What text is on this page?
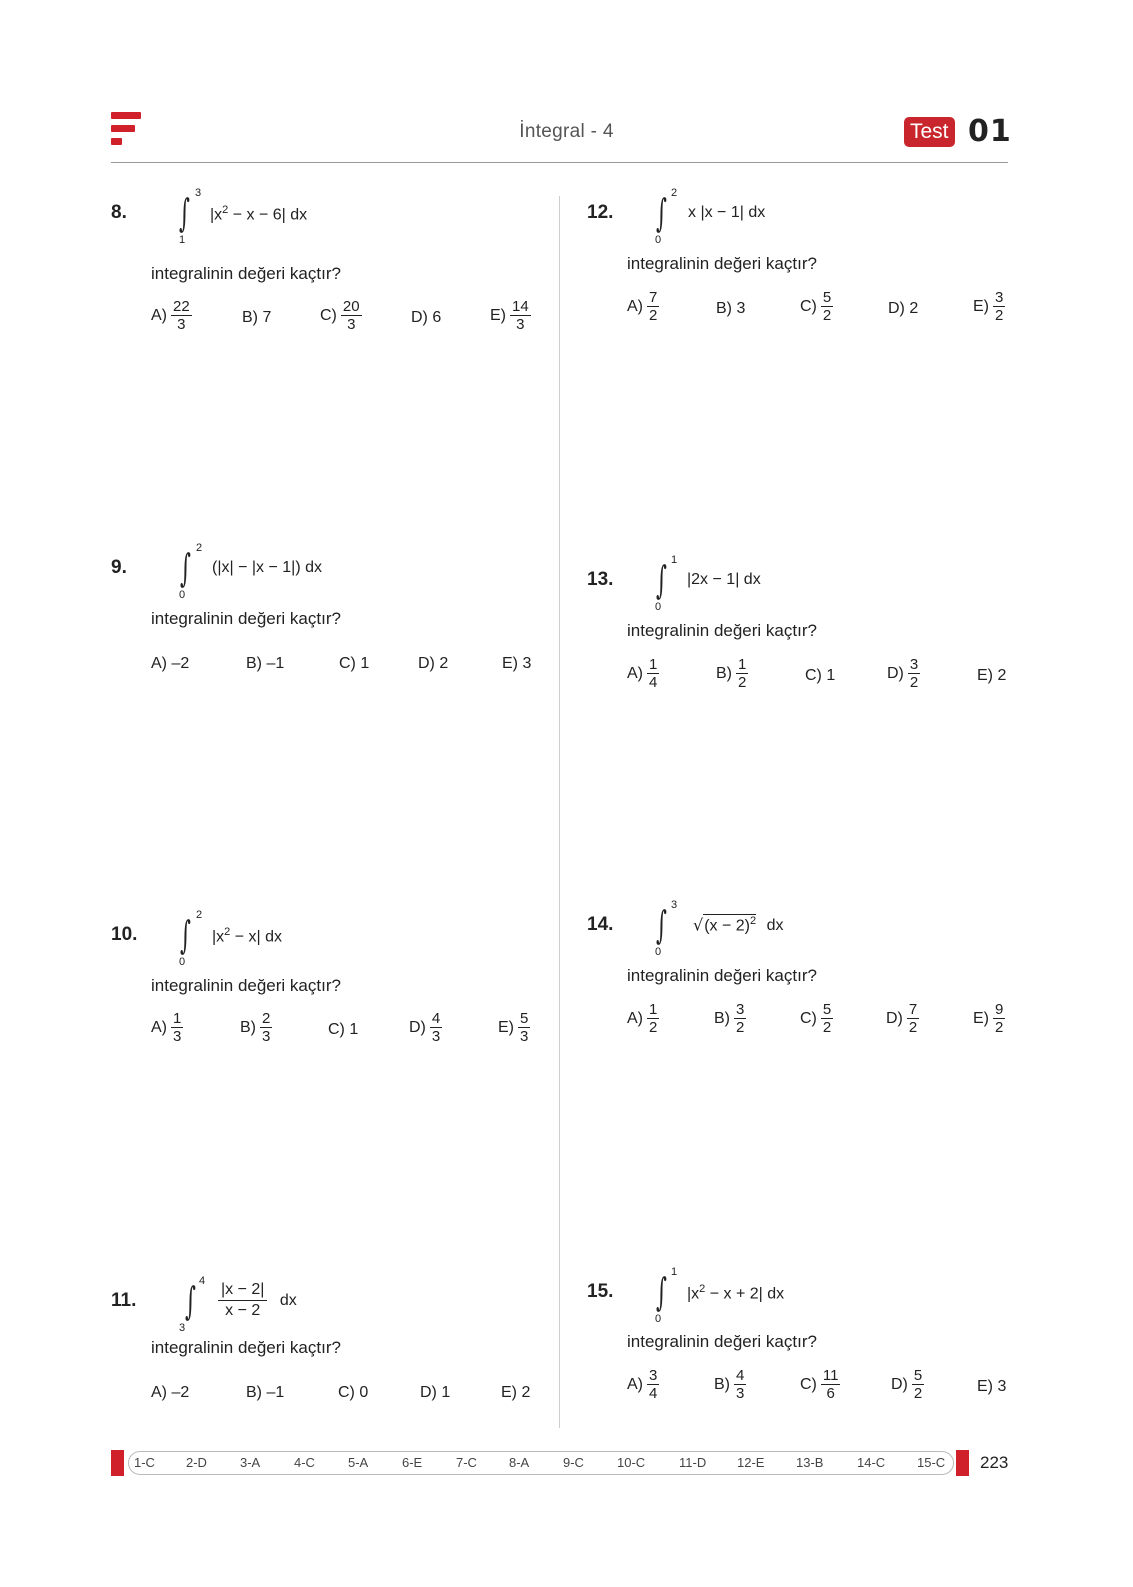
İntegral - 4	Test 01
8. ∫ 3
1
$|x^2 - x - 6|$ dx
integralinin değeri kaçtır?
$A) \frac{22}{3}$	B) 7	$C) \frac{20}{3}$	D) 6	$E) \frac{14}{3}$
9. ∫ 2
0
(|x| − |x − 1|) dx
integralinin değeri kaçtır?
A) –2	B) –1	C) 1	D) 2	E) 3
10. ∫ 2
0
$|x^2 - x|$ dx
integralinin değeri kaçtır?
$A) \frac{1}{3}$	$B) \frac{2}{3}$	C) 1	$D) \frac{4}{3}$	$E) \frac{5}{3}$
11. ∫ 4
3
$\frac{|x - 2|}{x - 2}$ dx
integralinin değeri kaçtır?
A) –2	B) –1	C) 0	D) 1	E) 2
12. ∫ 2
0
x |x − 1| dx
integralinin değeri kaçtır?
$A) \frac{7}{2}$	B) 3	$C) \frac{5}{2}$	D) 2	$E) \frac{3}{2}$
13. ∫ 1
0
|2x − 1| dx
integralinin değeri kaçtır?
$A) \frac{1}{4}$	$B) \frac{1}{2}$	C) 1	$D) \frac{3}{2}$	E) 2
14. ∫ 3
0
$√(x - 2)^2$ dx
integralinin değeri kaçtır?
$A) \frac{1}{2}$	$B) \frac{3}{2}$	$C) \frac{5}{2}$	$D) \frac{7}{2}$	$E) \frac{9}{2}$
15. ∫ 1
0
$|x^2 - x + 2|$ dx
integralinin değeri kaçtır?
$A) \frac{3}{4}$	$B) \frac{4}{3}$	$C) \frac{11}{6}$	$D) \frac{5}{2}$	E) 3
1-C 2-D	3-A	4-C	5-A	6-E	7-C 8-A	9-C	10-C	11-D 12-E 13-B	14-C 15-C 223
